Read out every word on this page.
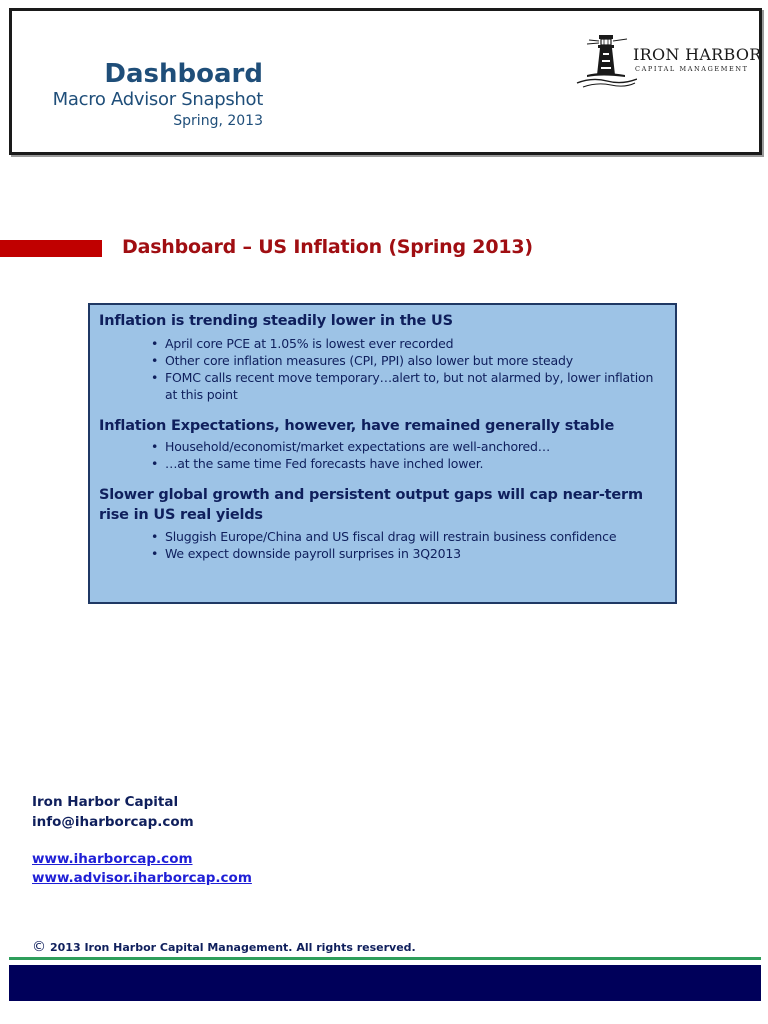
Dashboard
Macro Advisor Snapshot
Spring, 2013
IRON HARBOR
CAPITAL MANAGEMENT
Dashboard – US Inflation (Spring 2013)
Inflation is trending steadily lower in the US
• April core PCE at 1.05% is lowest ever recorded
• Other core inflation measures (CPI, PPI) also lower but more steady
• FOMC calls recent move temporary…alert to, but not alarmed by, lower inflation at this point
Inflation Expectations, however, have remained generally stable
• Household/economist/market expectations are well-anchored…
• …at the same time Fed forecasts have inched lower.
Slower global growth and persistent output gaps will cap near-term rise in US real yields
• Sluggish Europe/China and US fiscal drag will restrain business confidence
• We expect downside payroll surprises in 3Q2013
Iron Harbor Capital
info@iharborcap.com
www.iharborcap.com
www.advisor.iharborcap.com
© 2013 Iron Harbor Capital Management. All rights reserved.
